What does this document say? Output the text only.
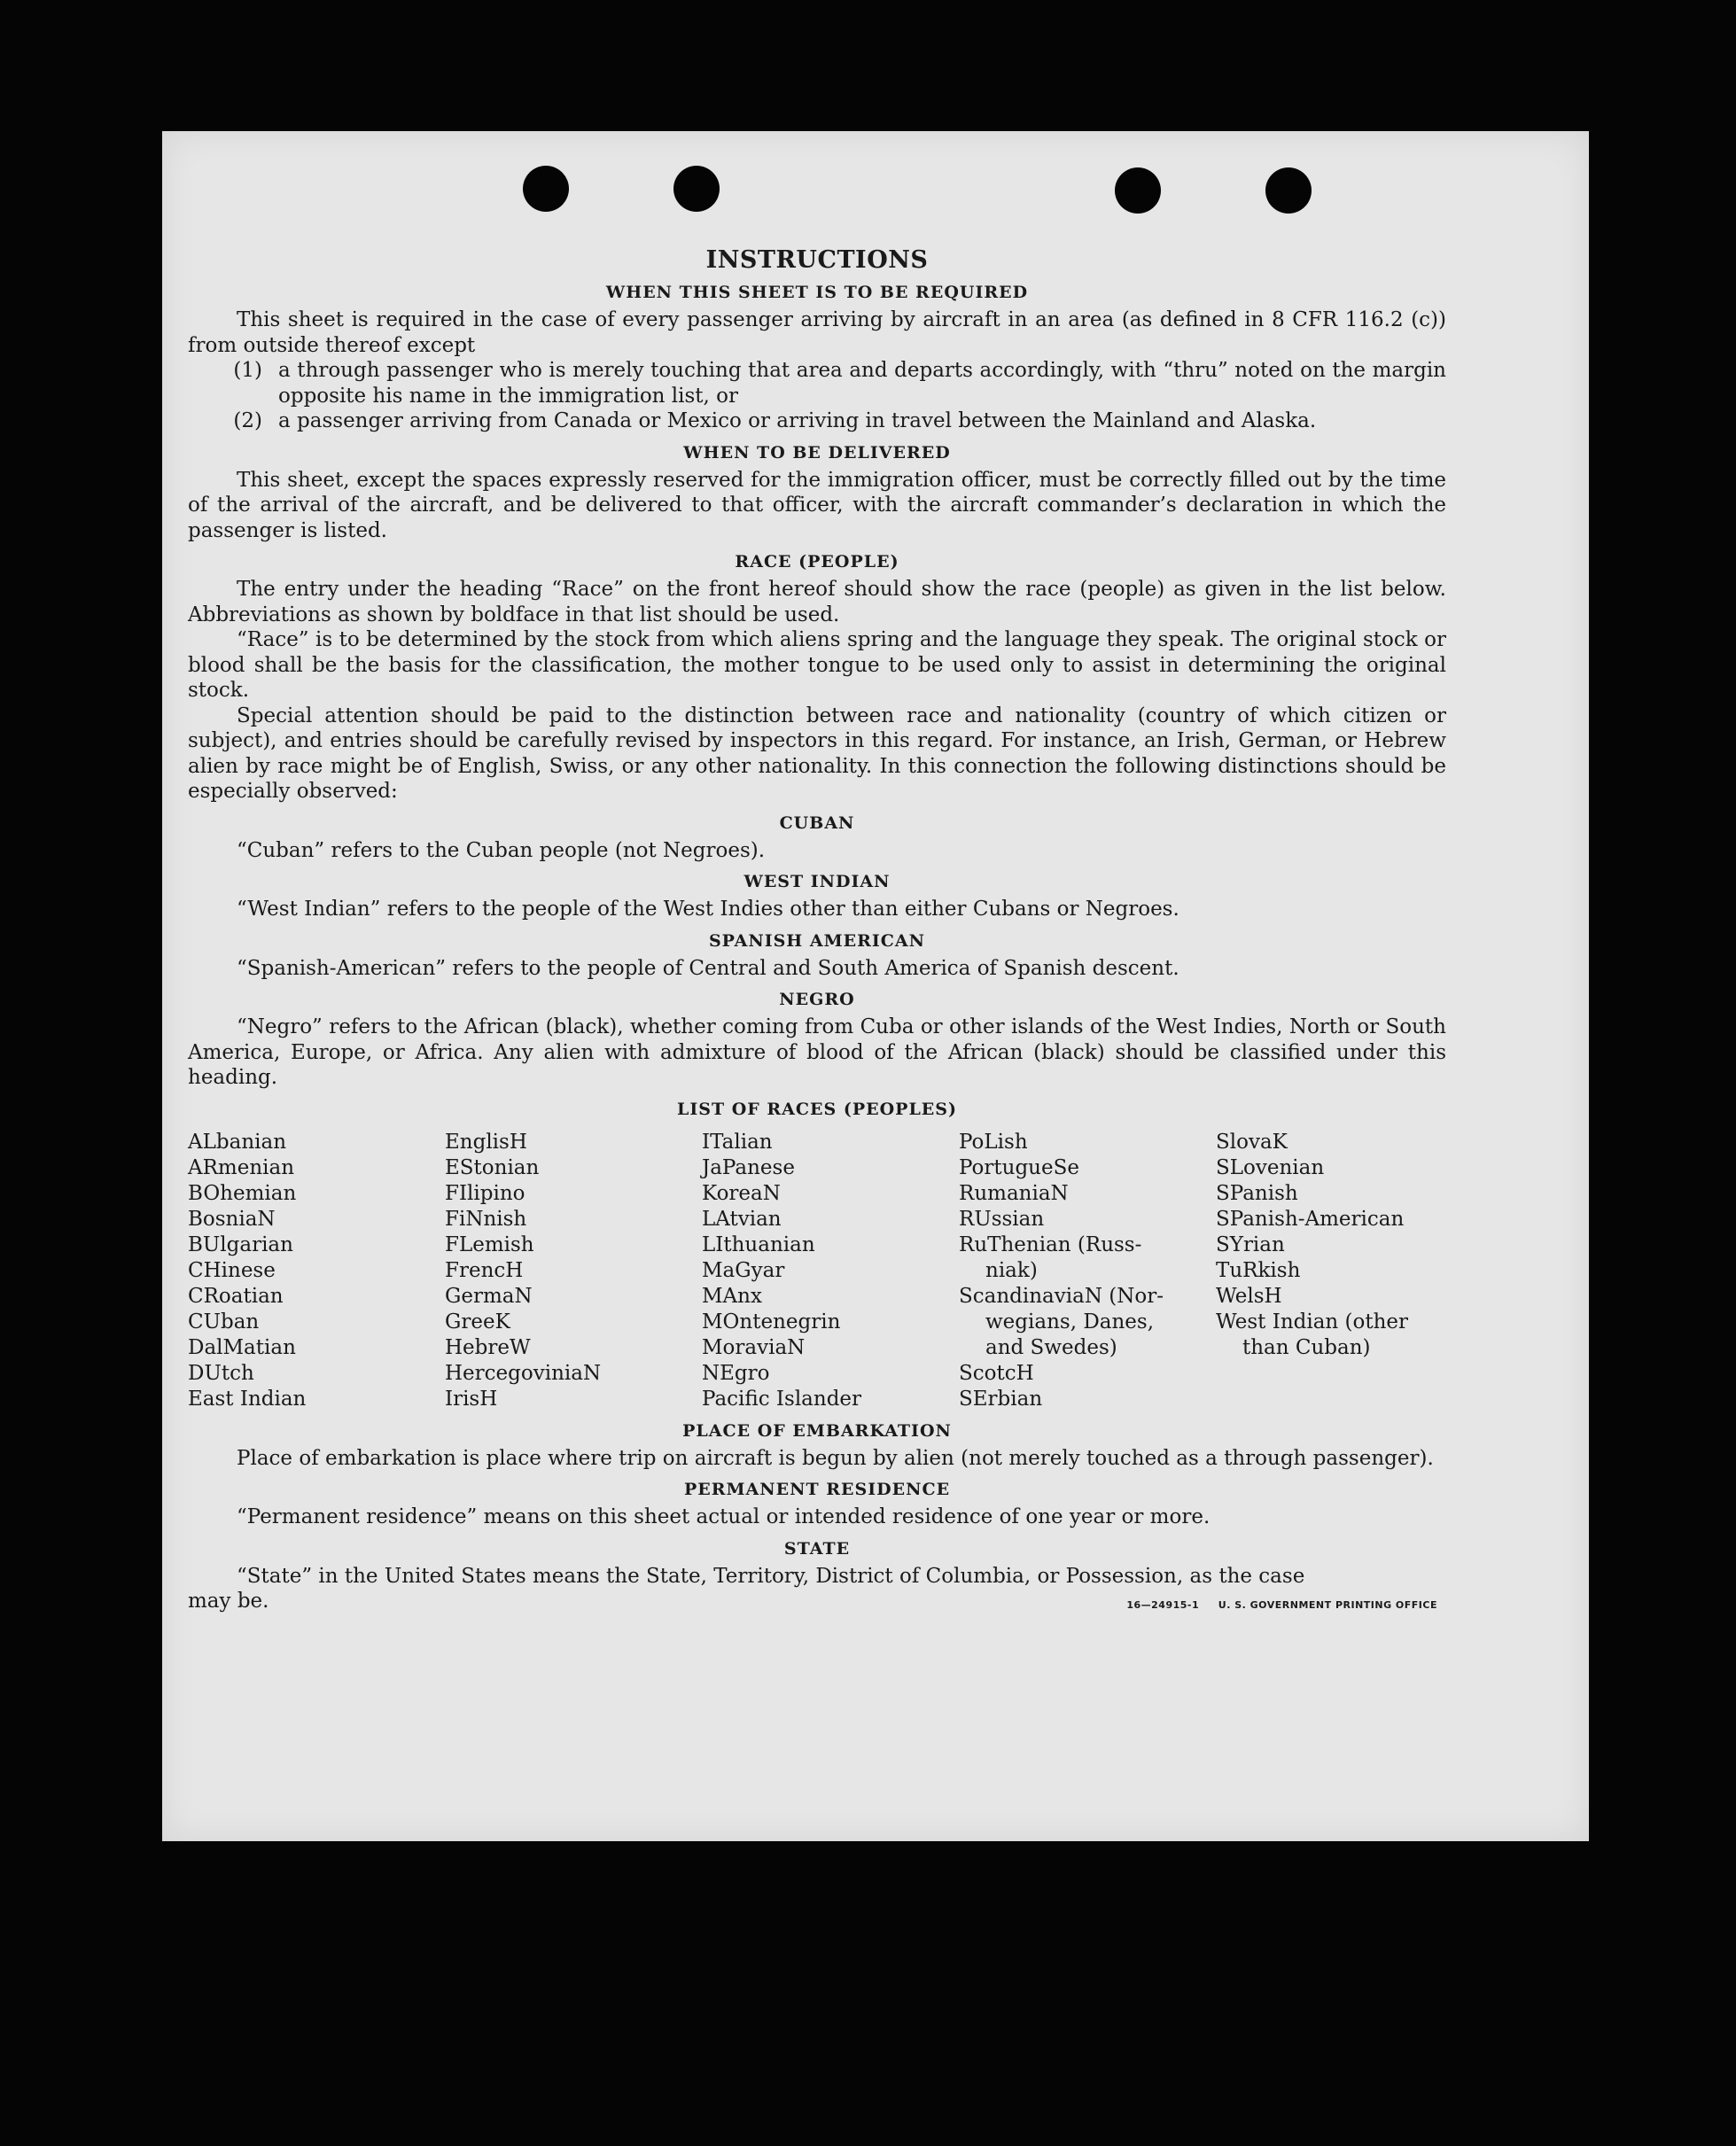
INSTRUCTIONS
WHEN THIS SHEET IS TO BE REQUIRED

This sheet is required in the case of every passenger arriving by aircraft in an area (as defined in 8 CFR 116.2 (c)) from outside thereof except

(1) a through passenger who is merely touching that area and departs accordingly, with “thru” noted on the margin opposite his name in the immigration list, or
(2) a passenger arriving from Canada or Mexico or arriving in travel between the Mainland and Alaska.
WHEN TO BE DELIVERED

This sheet, except the spaces expressly reserved for the immigration officer, must be correctly filled out by the time of the arrival of the aircraft, and be delivered to that officer, with the aircraft commander’s declaration in which the passenger is listed.

RACE (PEOPLE)

The entry under the heading “Race” on the front hereof should show the race (people) as given in the list below. Abbreviations as shown by boldface in that list should be used.

“Race” is to be determined by the stock from which aliens spring and the language they speak. The original stock or blood shall be the basis for the classification, the mother tongue to be used only to assist in determining the original stock.

Special attention should be paid to the distinction between race and nationality (country of which citizen or subject), and entries should be carefully revised by inspectors in this regard. For instance, an Irish, German, or Hebrew alien by race might be of English, Swiss, or any other nationality. In this connection the following distinctions should be especially observed:

CUBAN

“Cuban” refers to the Cuban people (not Negroes).

WEST INDIAN

“West Indian” refers to the people of the West Indies other than either Cubans or Negroes.

SPANISH AMERICAN

“Spanish-American” refers to the people of Central and South America of Spanish descent.

NEGRO

“Negro” refers to the African (black), whether coming from Cuba or other islands of the West Indies, North or South America, Europe, or Africa. Any alien with admixture of blood of the African (black) should be classified under this heading.

LIST OF RACES (PEOPLES)
ALbanian
ARmenian
BOhemian
BosniaN
BUlgarian
CHinese
CRoatian
CUban
DalMatian
DUtch
East Indian
EnglisH
EStonian
FIlipino
FiNnish
FLemish
FrencH
GermaN
GreeK
HebreW
HercegoviniaN
IrisH
ITalian
JaPanese
KoreaN
LAtvian
LIthuanian
MaGyar
MAnx
MOntenegrin
MoraviaN
NEgro
Pacific Islander
PoLish
PortugueSe
RumaniaN
RUssian
RuThenian (Russ-
niak)
ScandinaviaN (Nor-
wegians, Danes,
and Swedes)
ScotcH
SErbian
SlovaK
SLovenian
SPanish
SPanish-American
SYrian
TuRkish
WelsH
West Indian (other
than Cuban)
PLACE OF EMBARKATION

Place of embarkation is place where trip on aircraft is begun by alien (not merely touched as a through passenger).

PERMANENT RESIDENCE

“Permanent residence” means on this sheet actual or intended residence of one year or more.

STATE

“State” in the United States means the State, Territory, District of Columbia, or Possession, as the case

may be.	16—24915-1 U. S. GOVERNMENT PRINTING OFFICE
